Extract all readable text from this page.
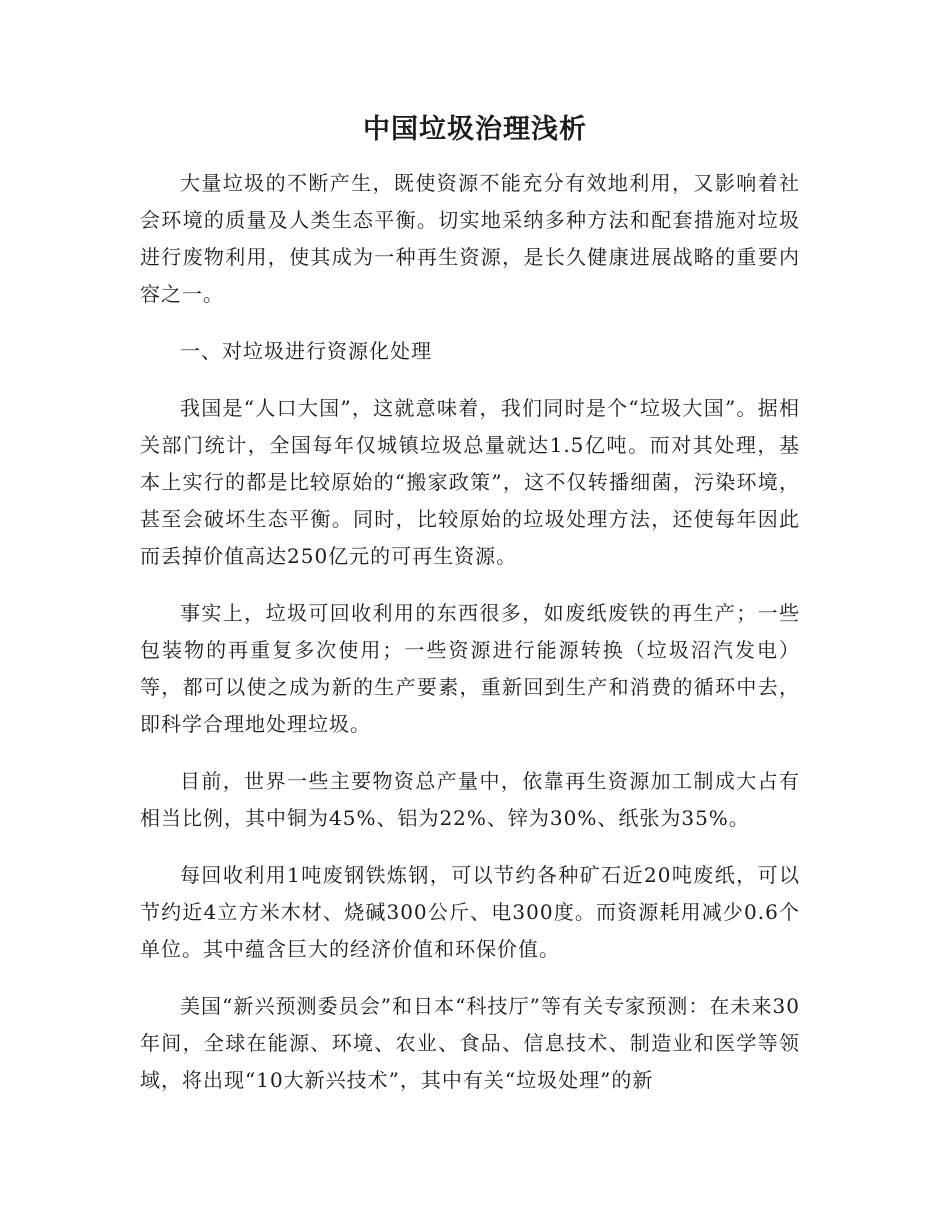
中国垃圾治理浅析

大量垃圾的不断产生，既使资源不能充分有效地利用，又影响着社会环境的质量及人类生态平衡。切实地采纳多种方法和配套措施对垃圾进行废物利用，使其成为一种再生资源，是长久健康进展战略的重要内容之一。

一、对垃圾进行资源化处理

我国是“人口大国”，这就意味着，我们同时是个“垃圾大国”。据相关部门统计，全国每年仅城镇垃圾总量就达1.5亿吨。而对其处理，基本上实行的都是比较原始的“搬家政策”，这不仅转播细菌，污染环境，甚至会破坏生态平衡。同时，比较原始的垃圾处理方法，还使每年因此而丢掉价值高达250亿元的可再生资源。

事实上，垃圾可回收利用的东西很多，如废纸废铁的再生产；一些包装物的再重复多次使用；一些资源进行能源转换（垃圾沼汽发电）等，都可以使之成为新的生产要素，重新回到生产和消费的循环中去，即科学合理地处理垃圾。

目前，世界一些主要物资总产量中，依靠再生资源加工制成大占有相当比例，其中铜为45%、铝为22%、锌为30%、纸张为35%。

每回收利用1吨废钢铁炼钢，可以节约各种矿石近20吨废纸，可以节约近4立方米木材、烧碱300公斤、电300度。而资源耗用减少0.6个单位。其中蕴含巨大的经济价值和环保价值。

美国“新兴预测委员会”和日本“科技厅”等有关专家预测：在未来30年间，全球在能源、环境、农业、食品、信息技术、制造业和医学等领域，将出现“10大新兴技术”，其中有关“垃圾处理”的新
